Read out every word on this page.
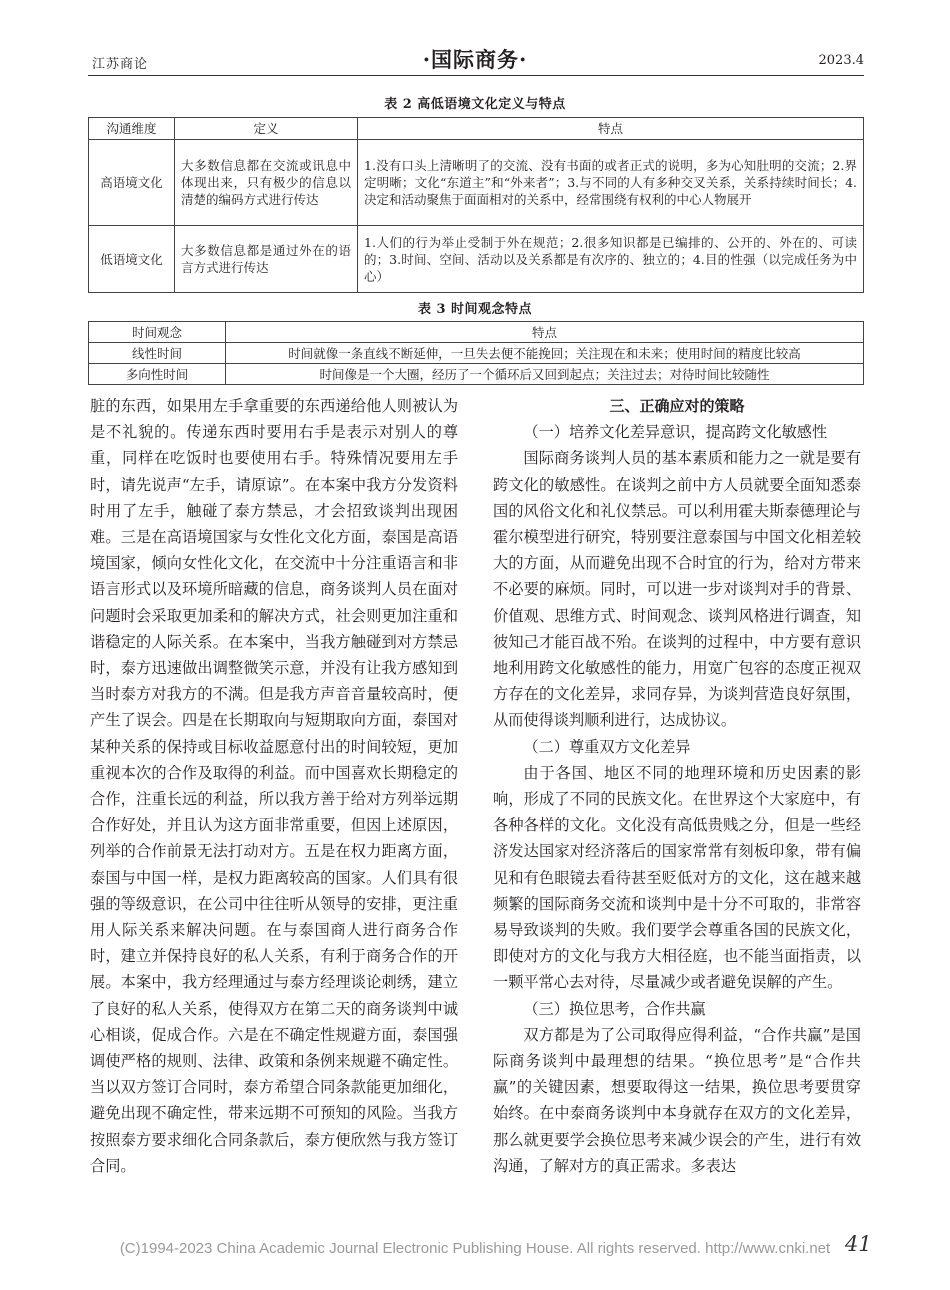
江苏商论	·国际商务·	2023.4
表 2 高低语境文化定义与特点
沟通维度	定义	特点
高语境文化	大多数信息都在交流或讯息中体现出来，只有极少的信息以清楚的编码方式进行传达	1.没有口头上清晰明了的交流、没有书面的或者正式的说明，多为心知肚明的交流；2.界定明晰；文化“东道主”和“外来者”；3.与不同的人有多种交叉关系，关系持续时间长；4.决定和活动聚焦于面面相对的关系中，经常围绕有权利的中心人物展开
低语境文化	大多数信息都是通过外在的语言方式进行传达	1.人们的行为举止受制于外在规范；2.很多知识都是已编排的、公开的、外在的、可读的；3.时间、空间、活动以及关系都是有次序的、独立的；4.目的性强（以完成任务为中心）
表 3 时间观念特点
时间观念	特点
线性时间	时间就像一条直线不断延伸，一旦失去便不能挽回；关注现在和未来；使用时间的精度比较高
多向性时间	时间像是一个大圈，经历了一个循环后又回到起点；关注过去；对待时间比较随性

脏的东西，如果用左手拿重要的东西递给他人则被认为是不礼貌的。传递东西时要用右手是表示对别人的尊重，同样在吃饭时也要使用右手。特殊情况要用左手时，请先说声“左手，请原谅”。在本案中我方分发资料时用了左手，触碰了泰方禁忌，才会招致谈判出现困难。三是在高语境国家与女性化文化方面，泰国是高语境国家，倾向女性化文化，在交流中十分注重语言和非语言形式以及环境所暗藏的信息，商务谈判人员在面对问题时会采取更加柔和的解决方式，社会则更加注重和谐稳定的人际关系。在本案中，当我方触碰到对方禁忌时，泰方迅速做出调整微笑示意，并没有让我方感知到当时泰方对我方的不满。但是我方声音音量较高时，便产生了误会。四是在长期取向与短期取向方面，泰国对某种关系的保持或目标收益愿意付出的时间较短，更加重视本次的合作及取得的利益。而中国喜欢长期稳定的合作，注重长远的利益，所以我方善于给对方列举远期合作好处，并且认为这方面非常重要，但因上述原因，列举的合作前景无法打动对方。五是在权力距离方面，泰国与中国一样，是权力距离较高的国家。人们具有很强的等级意识，在公司中往往听从领导的安排，更注重用人际关系来解决问题。在与泰国商人进行商务合作时，建立并保持良好的私人关系，有利于商务合作的开展。本案中，我方经理通过与泰方经理谈论刺绣，建立了良好的私人关系，使得双方在第二天的商务谈判中诚心相谈，促成合作。六是在不确定性规避方面，泰国强调使严格的规则、法律、政策和条例来规避不确定性。当以双方签订合同时，泰方希望合同条款能更加细化，避免出现不确定性，带来远期不可预知的风险。当我方按照泰方要求细化合同条款后，泰方便欣然与我方签订合同。

三、正确应对的策略

（一）培养文化差异意识，提高跨文化敏感性

国际商务谈判人员的基本素质和能力之一就是要有跨文化的敏感性。在谈判之前中方人员就要全面知悉泰国的风俗文化和礼仪禁忌。可以利用霍夫斯泰德理论与霍尔模型进行研究，特别要注意泰国与中国文化相差较大的方面，从而避免出现不合时宜的行为，给对方带来不必要的麻烦。同时，可以进一步对谈判对手的背景、价值观、思维方式、时间观念、谈判风格进行调查，知彼知己才能百战不殆。在谈判的过程中，中方要有意识地利用跨文化敏感性的能力，用宽广包容的态度正视双方存在的文化差异，求同存异，为谈判营造良好氛围，从而使得谈判顺利进行，达成协议。

（二）尊重双方文化差异

由于各国、地区不同的地理环境和历史因素的影响，形成了不同的民族文化。在世界这个大家庭中，有各种各样的文化。文化没有高低贵贱之分，但是一些经济发达国家对经济落后的国家常常有刻板印象，带有偏见和有色眼镜去看待甚至贬低对方的文化，这在越来越频繁的国际商务交流和谈判中是十分不可取的，非常容易导致谈判的失败。我们要学会尊重各国的民族文化，即使对方的文化与我方大相径庭，也不能当面指责，以一颗平常心去对待，尽量减少或者避免误解的产生。

（三）换位思考，合作共赢

双方都是为了公司取得应得利益，“合作共赢”是国际商务谈判中最理想的结果。“换位思考”是“合作共赢”的关键因素，想要取得这一结果，换位思考要贯穿始终。在中泰商务谈判中本身就存在双方的文化差异，那么就更要学会换位思考来减少误会的产生，进行有效沟通，了解对方的真正需求。多表达

(C)1994-2023 China Academic Journal Electronic Publishing House. All rights reserved. http://www.cnki.net 41
